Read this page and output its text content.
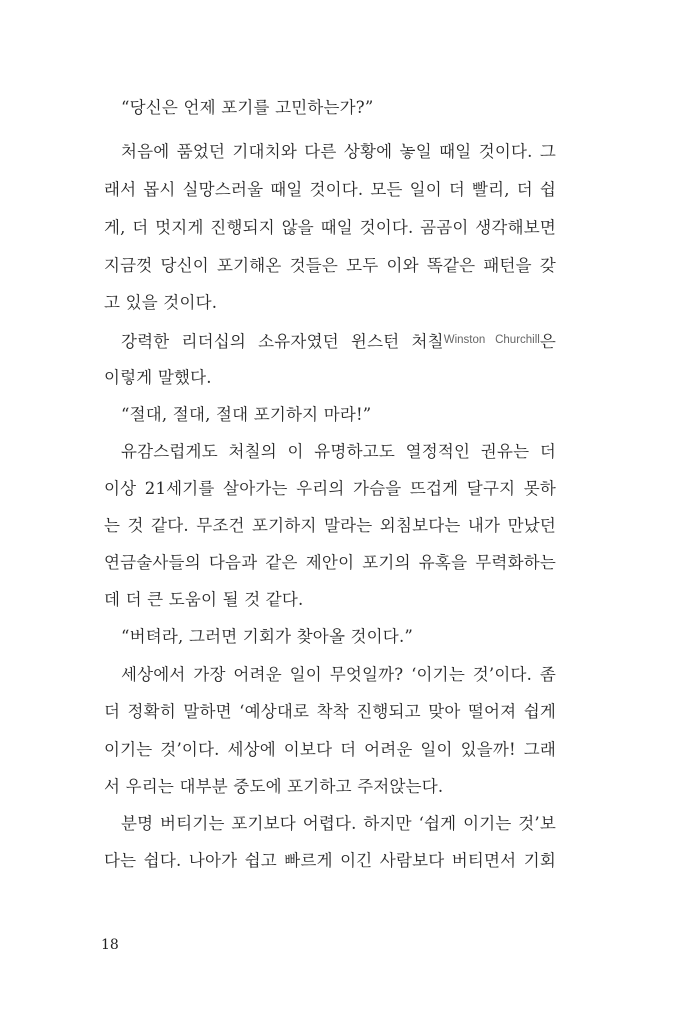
“당신은 언제 포기를 고민하는가?”
처음에 품었던 기대치와 다른 상황에 놓일 때일 것이다. 그
래서 몹시 실망스러울 때일 것이다. 모든 일이 더 빨리, 더 쉽
게, 더 멋지게 진행되지 않을 때일 것이다. 곰곰이 생각해보면
지금껏 당신이 포기해온 것들은 모두 이와 똑같은 패턴을 갖
고 있을 것이다.
강력한 리더십의 소유자였던 윈스턴 처칠$^{Winston Churchill}$은
이렇게 말했다.
“절대, 절대, 절대 포기하지 마라!”
유감스럽게도 처칠의 이 유명하고도 열정적인 권유는 더
이상 21세기를 살아가는 우리의 가슴을 뜨겁게 달구지 못하
는 것 같다. 무조건 포기하지 말라는 외침보다는 내가 만났던
연금술사들의 다음과 같은 제안이 포기의 유혹을 무력화하는
데 더 큰 도움이 될 것 같다.
“버텨라, 그러면 기회가 찾아올 것이다.”
세상에서 가장 어려운 일이 무엇일까? ‘이기는 것’이다. 좀
더 정확히 말하면 ‘예상대로 착착 진행되고 맞아 떨어져 쉽게
이기는 것’이다. 세상에 이보다 더 어려운 일이 있을까! 그래
서 우리는 대부분 중도에 포기하고 주저앉는다.
분명 버티기는 포기보다 어렵다. 하지만 ‘쉽게 이기는 것’보
다는 쉽다. 나아가 쉽고 빠르게 이긴 사람보다 버티면서 기회
18
